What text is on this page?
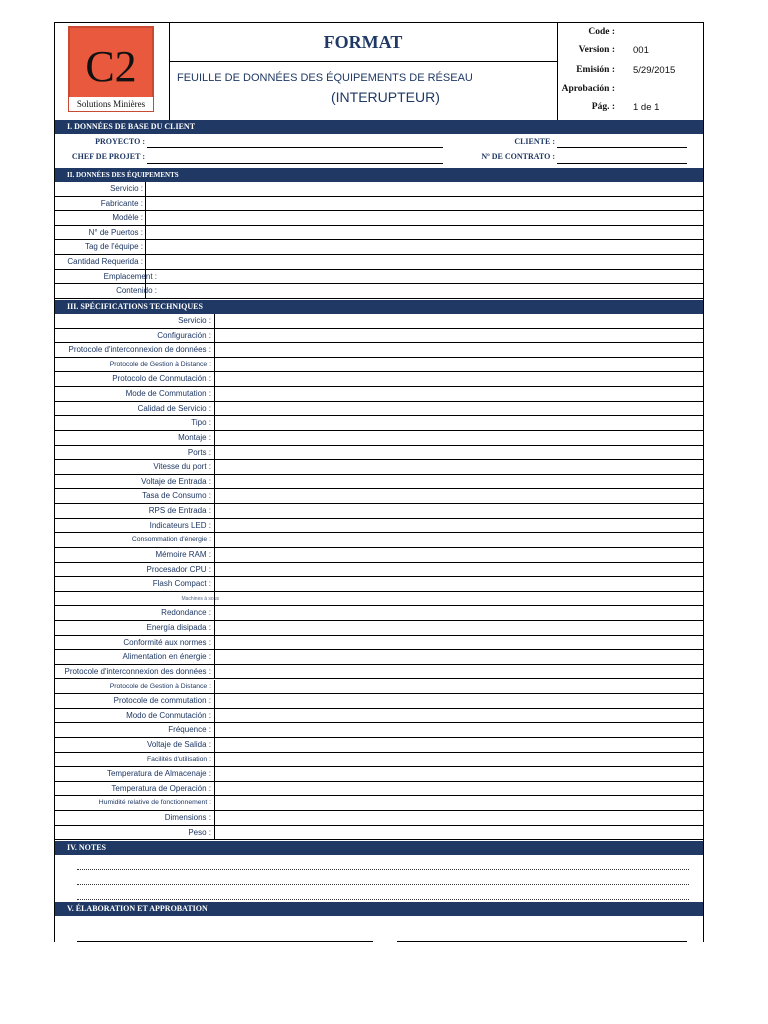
C2
Solutions Minières
FORMAT
FEUILLE DE DONNÉES DES ÉQUIPEMENTS DE RÉSEAU
(INTERUPTEUR)
Code :
Version : 001
Emisión : 5/29/2015
Aprobación :
Pág. : 1 de 1
I. DONNÉES DE BASE DU CLIENT
PROYECTO :
CHEF DE PROJET :
CLIENTE :
Nº DE CONTRATO :
II. DONNÉES DES ÉQUIPEMENTS
Servicio :
Fabricante :
Modèle :
N° de Puertos :
Tag de l'équipe :
Cantidad Requerida :
Emplacement :
Contenido :
III. SPÉCIFICATIONS TECHNIQUES
Servicio :
Configuración :
Protocole d'interconnexion de données :
Protocole de Gestion à Distance :
Protocolo de Conmutación :
Mode de Commutation :
Calidad de Servicio :
Tipo :
Montaje :
Ports :
Vitesse du port :
Voltaje de Entrada :
Tasa de Consumo :
RPS de Entrada :
Indicateurs LED :
Consommation d'énergie :
Mémoire RAM :
Procesador CPU :
Flash Compact :
Machines à sous
Redondance :
Energía disipada :
Conformité aux normes :
Alimentation en énergie :
Protocole d'interconnexion des données :
Protocole de Gestion à Distance :
Protocole de commutation :
Modo de Conmutación :
Fréquence :
Voltaje de Salida :
Facilités d'utilisation :
Temperatura de Almacenaje :
Temperatura de Operación :
Humidité relative de fonctionnement :
Dimensions :
Peso :
IV. NOTES
V. ÉLABORATION ET APPROBATION
